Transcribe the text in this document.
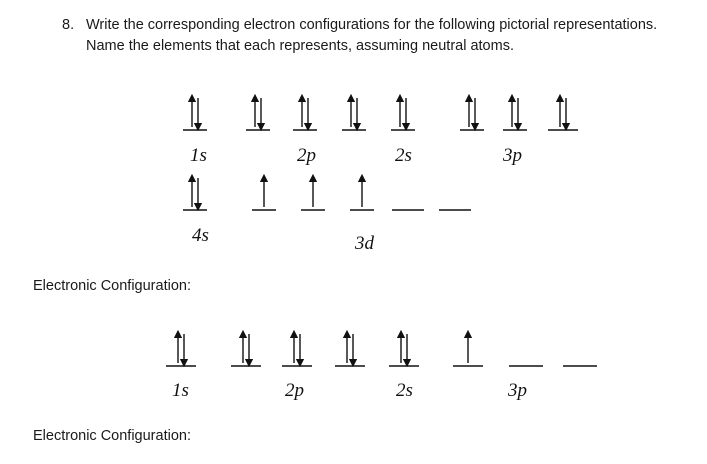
8. Write the corresponding electron configurations for the following pictorial representations.
Name the elements that each represents, assuming neutral atoms.
1s	2p	2s	3p
4s	3d
Electronic Configuration:
1s	2p	2s	3p
Electronic Configuration:
